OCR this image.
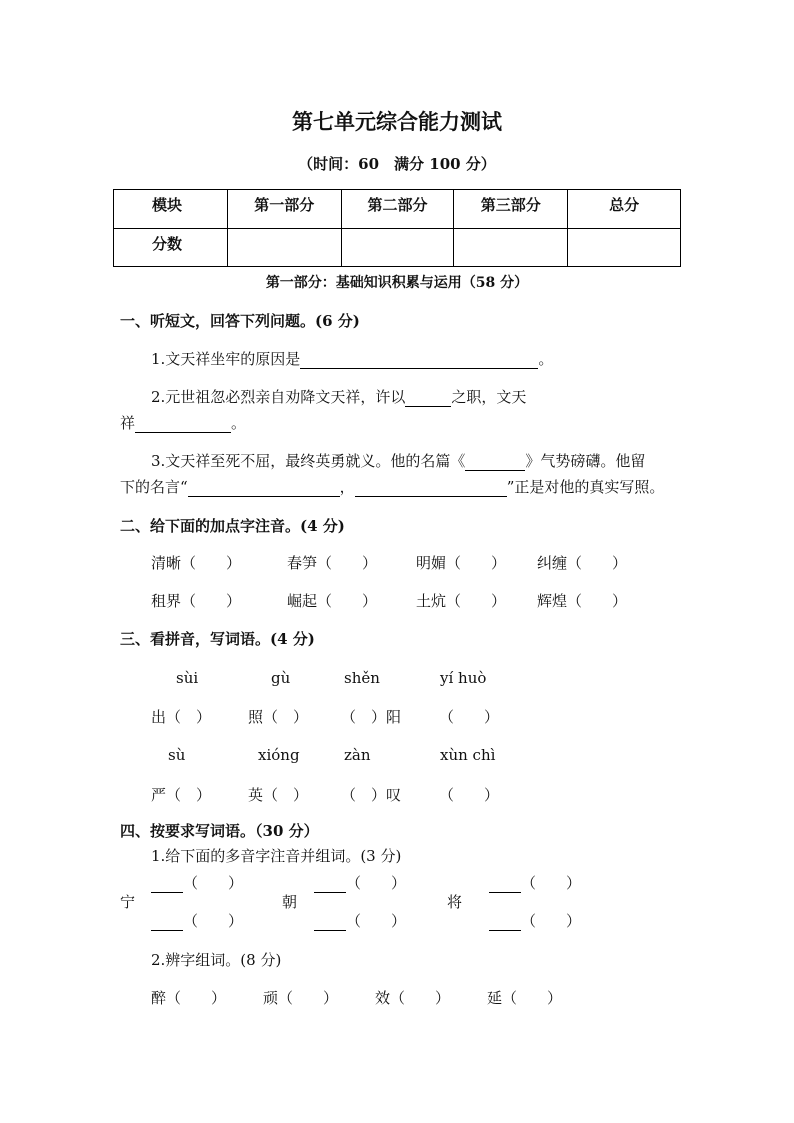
第七单元综合能力测试
（时间：60　满分 100 分）
模块	第一部分	第二部分	第三部分	总分
分数				
第一部分：基础知识积累与运用（58 分）
一、听短文，回答下列问题。(6 分)
1.文天祥坐牢的原因是	。
2.元世祖忽必烈亲自劝降文天祥，许以	之职，文天
祥	。
3.文天祥至死不屈，最终英勇就义。他的名篇《	》气势磅礴。他留
下的名言“	，	”正是对他的真实写照。
二、给下面的加点字注音。(4 分)
清晰（　　）	春笋（　　）	明媚（　　） 纠缠（　　）
租界（　　）	崛起（　　）	土炕（　　） 辉煌（　　）
三、看拼音，写词语。(4 分)
sùi	gù	shěn	yí huò
出（　） 照（　） （　）阳	（　　）
sù	xióng	zàn	xùn chì
严（　） 英（　） （　）叹	（　　）
四、按要求写词语。（30 分）
1.给下面的多音字注音并组词。(3 分)
（　　）	（　　）	（　　）
宁	朝	将
（　　）	（　　）	（　　）
2.辨字组词。(8 分)
醉（　　） 顽（　　） 效（　　） 延（　　）
